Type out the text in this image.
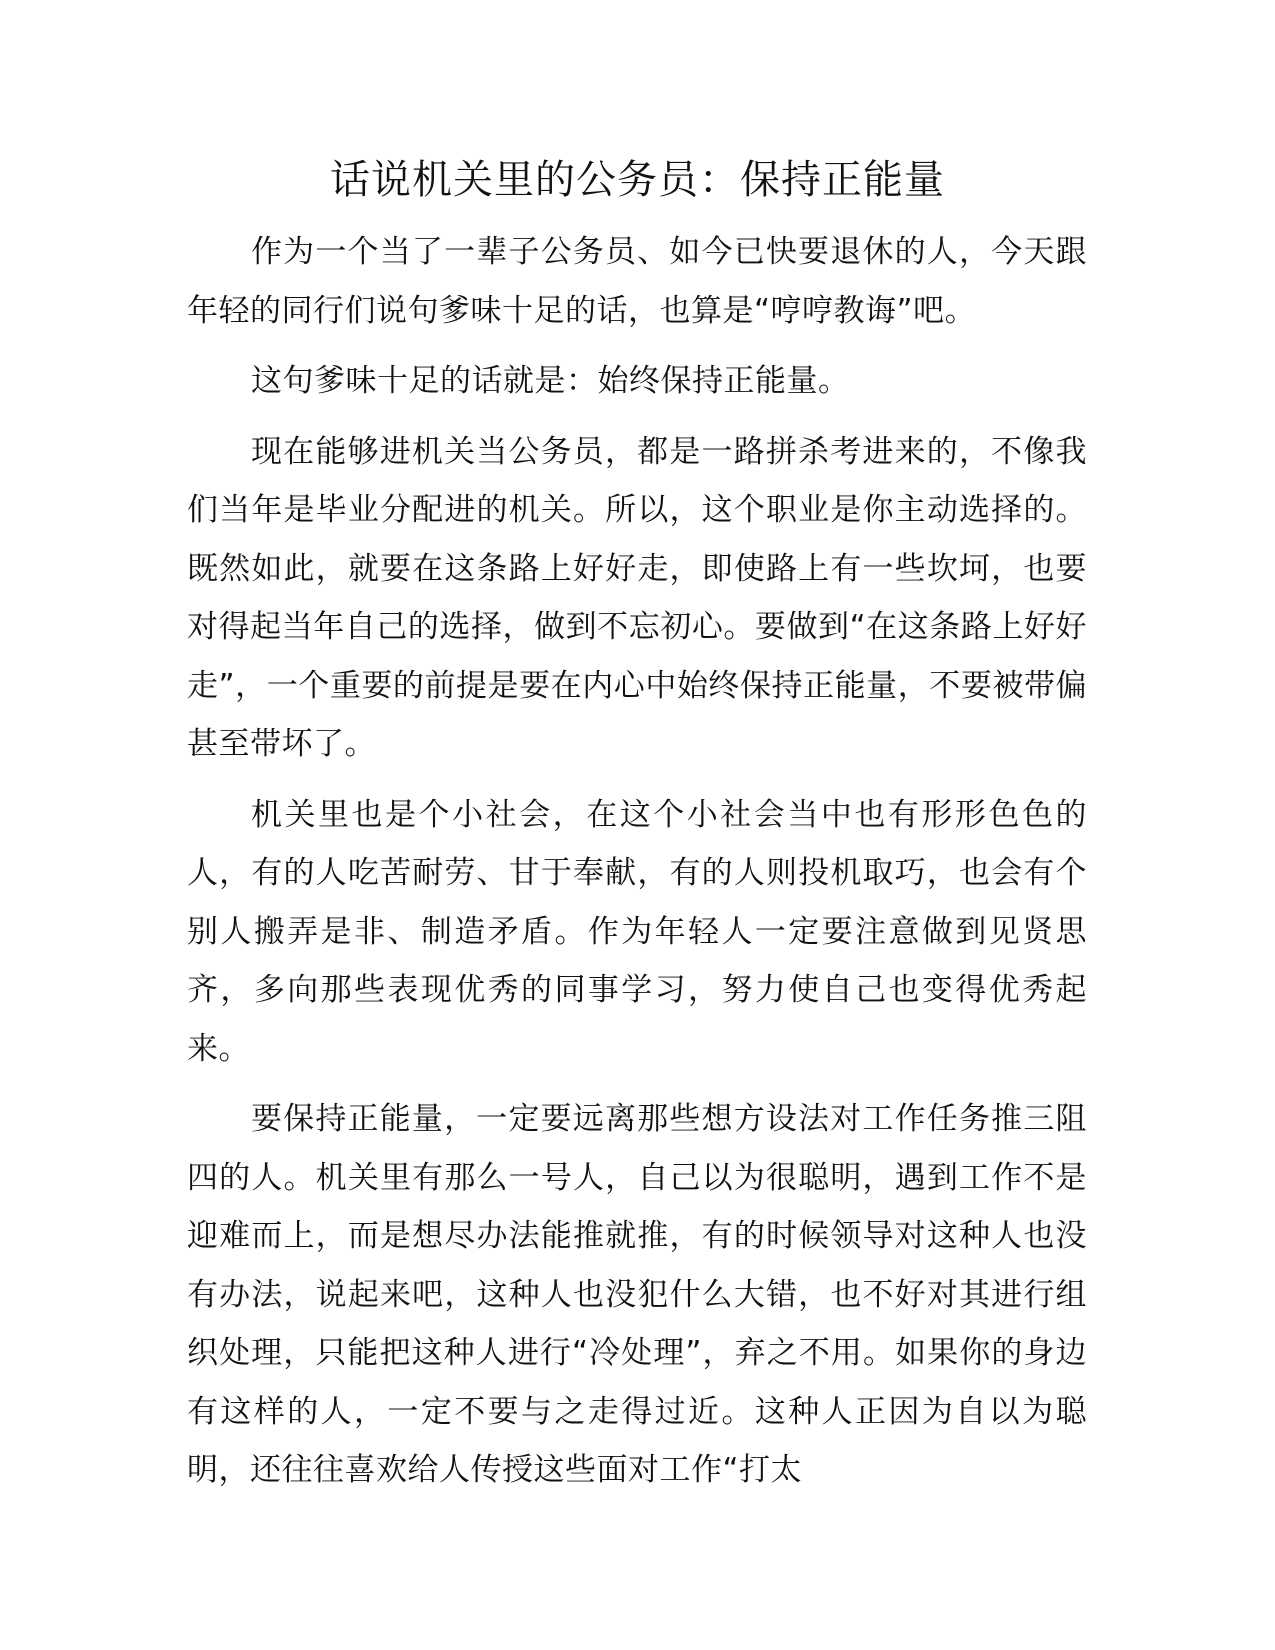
话说机关里的公务员：保持正能量

作为一个当了一辈子公务员、如今已快要退休的人，今天跟年轻的同行们说句爹味十足的话，也算是“哼哼教诲”吧。

这句爹味十足的话就是：始终保持正能量。

现在能够进机关当公务员，都是一路拼杀考进来的，不像我们当年是毕业分配进的机关。所以，这个职业是你主动选择的。既然如此，就要在这条路上好好走，即使路上有一些坎坷，也要对得起当年自己的选择，做到不忘初心。要做到“在这条路上好好走”，一个重要的前提是要在内心中始终保持正能量，不要被带偏甚至带坏了。

机关里也是个小社会，在这个小社会当中也有形形色色的人，有的人吃苦耐劳、甘于奉献，有的人则投机取巧，也会有个别人搬弄是非、制造矛盾。作为年轻人一定要注意做到见贤思齐，多向那些表现优秀的同事学习，努力使自己也变得优秀起来。

要保持正能量，一定要远离那些想方设法对工作任务推三阻四的人。机关里有那么一号人，自己以为很聪明，遇到工作不是迎难而上，而是想尽办法能推就推，有的时候领导对这种人也没有办法，说起来吧，这种人也没犯什么大错，也不好对其进行组织处理，只能把这种人进行“冷处理”，弃之不用。如果你的身边有这样的人，一定不要与之走得过近。这种人正因为自以为聪明，还往往喜欢给人传授这些面对工作“打太
